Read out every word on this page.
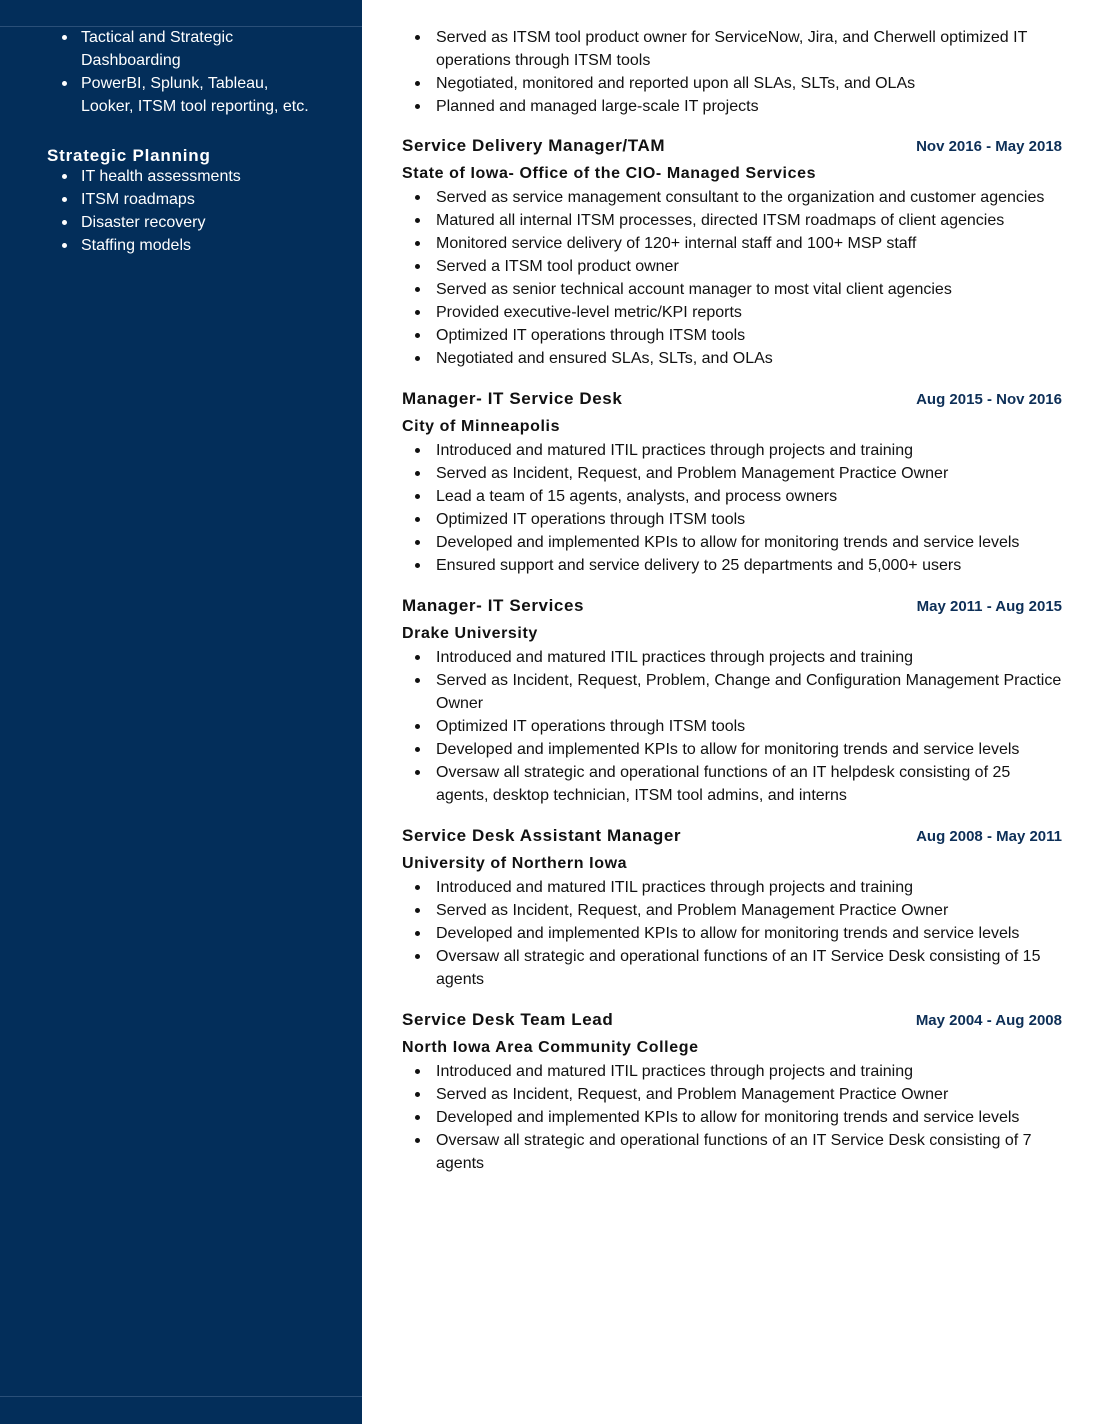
Tactical and Strategic Dashboarding
PowerBI, Splunk, Tableau, Looker, ITSM tool reporting, etc.
Strategic Planning
IT health assessments
ITSM roadmaps
Disaster recovery
Staffing models
Served as ITSM tool product owner for ServiceNow, Jira, and Cherwell optimized IT operations through ITSM tools
Negotiated, monitored and reported upon all SLAs, SLTs, and OLAs
Planned and managed large-scale IT projects
Service Delivery Manager/TAM	Nov 2016 - May 2018
State of Iowa- Office of the CIO- Managed Services
Served as service management consultant to the organization and customer agencies
Matured all internal ITSM processes, directed ITSM roadmaps of client agencies
Monitored service delivery of 120+ internal staff and 100+ MSP staff
Served a ITSM tool product owner
Served as senior technical account manager to most vital client agencies
Provided executive-level metric/KPI reports
Optimized IT operations through ITSM tools
Negotiated and ensured SLAs, SLTs, and OLAs
Manager- IT Service Desk	Aug 2015 - Nov 2016
City of Minneapolis
Introduced and matured ITIL practices through projects and training
Served as Incident, Request, and Problem Management Practice Owner
Lead a team of 15 agents, analysts, and process owners
Optimized IT operations through ITSM tools
Developed and implemented KPIs to allow for monitoring trends and service levels
Ensured support and service delivery to 25 departments and 5,000+ users
Manager- IT Services	May 2011 - Aug 2015
Drake University
Introduced and matured ITIL practices through projects and training
Served as Incident, Request, Problem, Change and Configuration Management Practice Owner
Optimized IT operations through ITSM tools
Developed and implemented KPIs to allow for monitoring trends and service levels
Oversaw all strategic and operational functions of an IT helpdesk consisting of 25 agents, desktop technician, ITSM tool admins, and interns
Service Desk Assistant Manager	Aug 2008 - May 2011
University of Northern Iowa
Introduced and matured ITIL practices through projects and training
Served as Incident, Request, and Problem Management Practice Owner
Developed and implemented KPIs to allow for monitoring trends and service levels
Oversaw all strategic and operational functions of an IT Service Desk consisting of 15 agents
Service Desk Team Lead	May 2004 - Aug 2008
North Iowa Area Community College
Introduced and matured ITIL practices through projects and training
Served as Incident, Request, and Problem Management Practice Owner
Developed and implemented KPIs to allow for monitoring trends and service levels
Oversaw all strategic and operational functions of an IT Service Desk consisting of 7 agents
